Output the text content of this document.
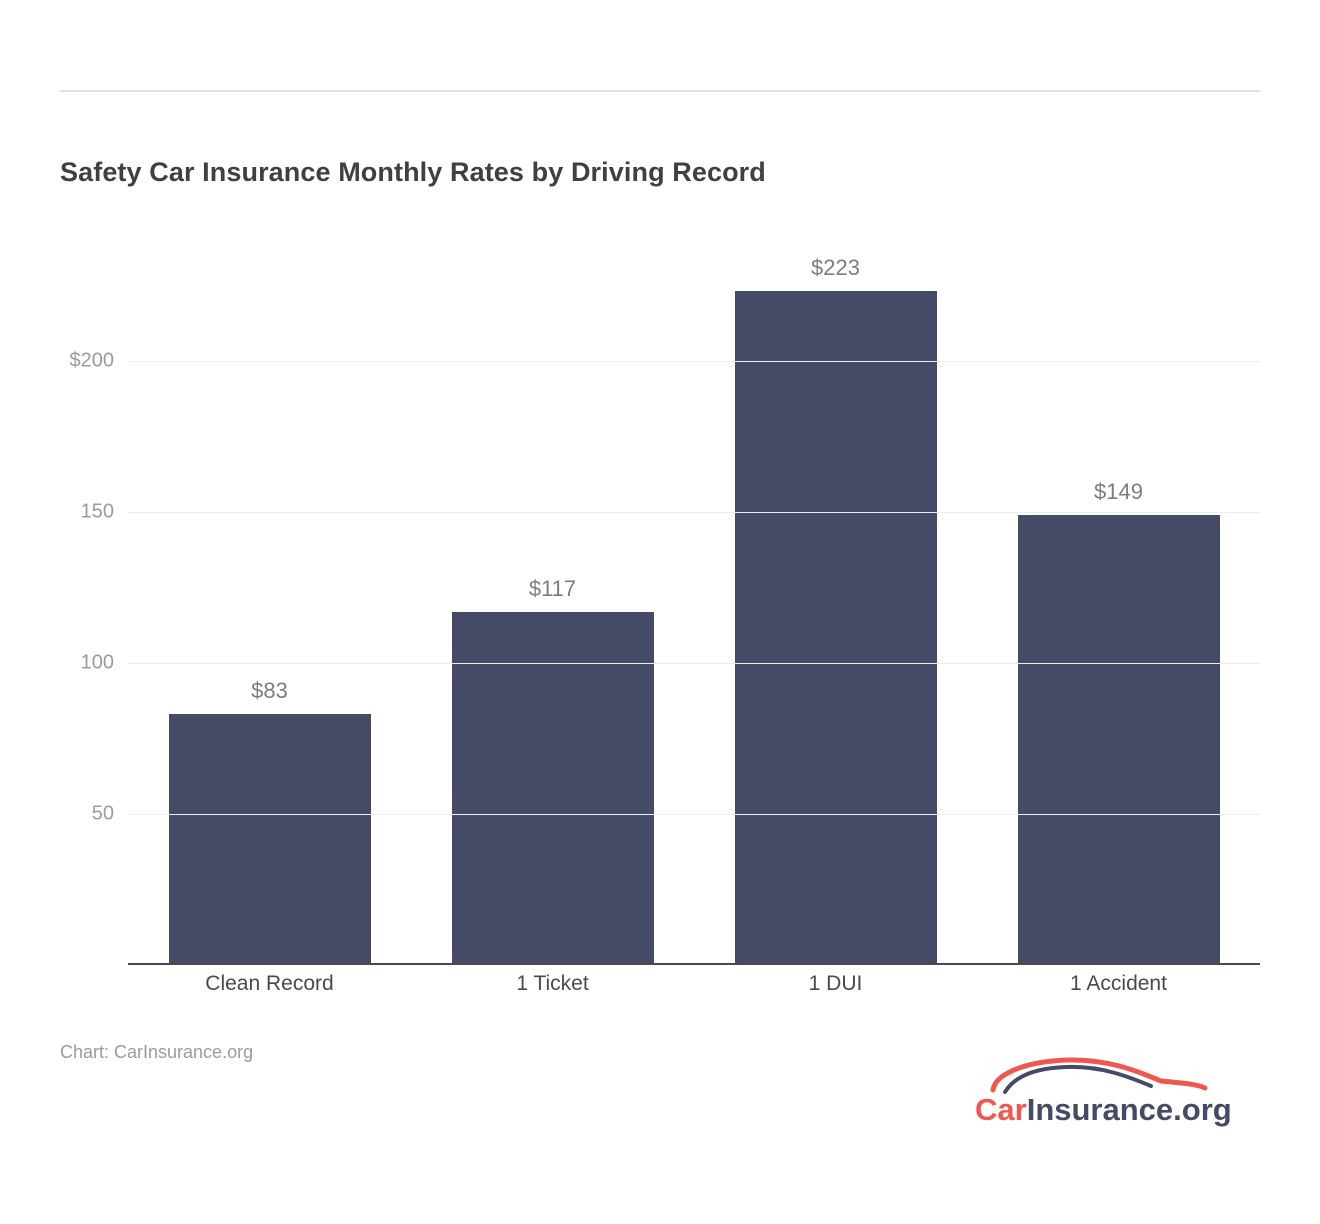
Safety Car Insurance Monthly Rates by Driving Record
$83
$117
$223
$149
50
100
150
$200
Clean Record	1 Ticket	1 DUI	1 Accident
Chart: CarInsurance.org
CarInsurance.org
